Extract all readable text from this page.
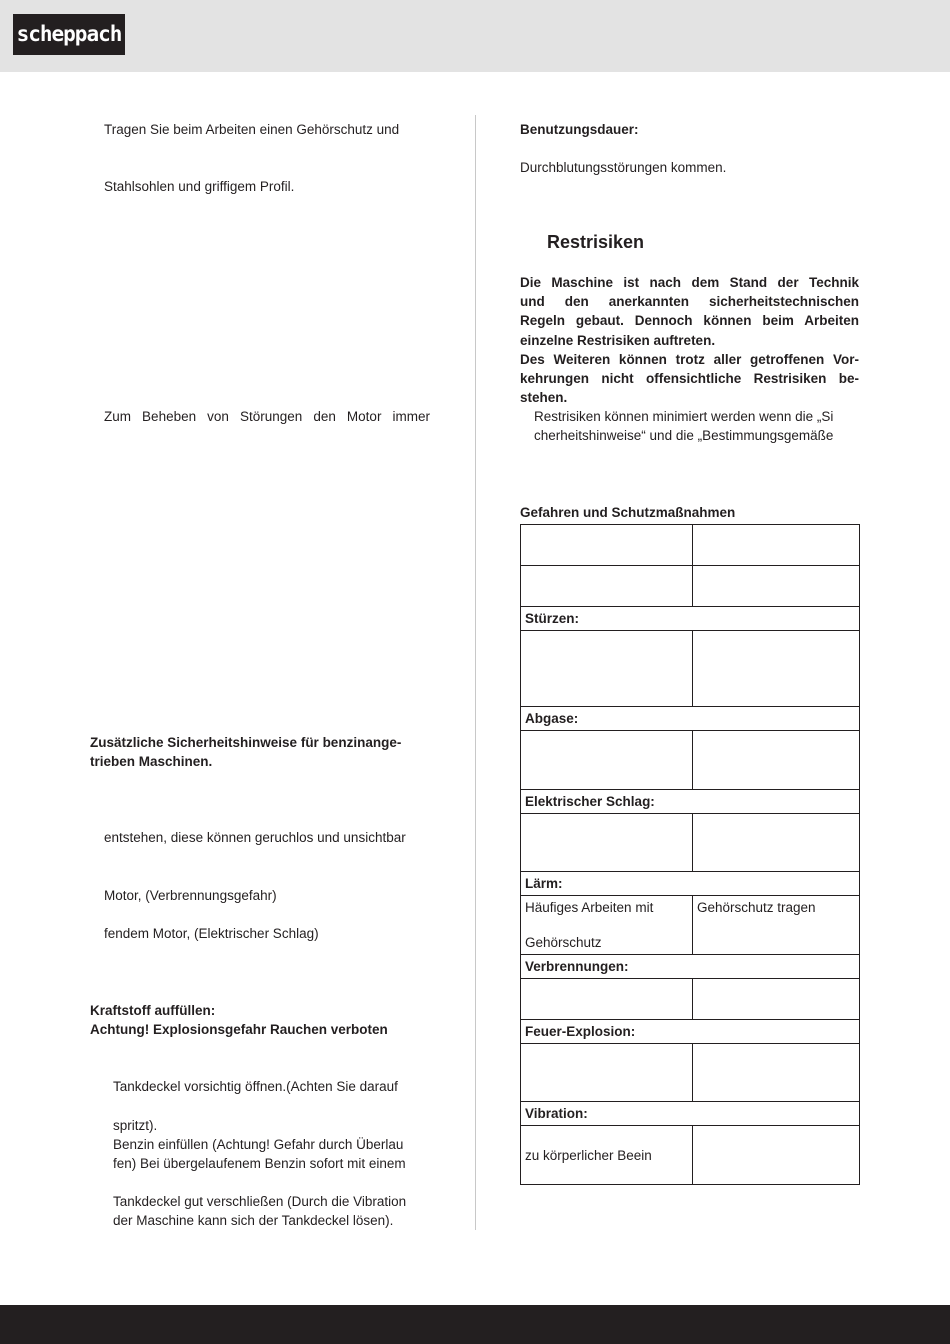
scheppach

Tragen Sie beim Arbeiten einen Gehörschutz und

Stahlsohlen und griffigem Profil.

Zum Beheben von Störungen den Motor immer

Zusätzliche Sicherheitshinweise für benzinange-

trieben Maschinen.

entstehen, diese können geruchlos und unsichtbar

Motor, (Verbrennungsgefahr)

fendem Motor, (Elektrischer Schlag)

Kraftstoff auffüllen:

Achtung! Explosionsgefahr Rauchen verboten

Tankdeckel vorsichtig öffnen.(Achten Sie darauf

spritzt).

Benzin einfüllen (Achtung! Gefahr durch Überlau

fen) Bei übergelaufenem Benzin sofort mit einem

Tankdeckel gut verschließen (Durch die Vibration

der Maschine kann sich der Tankdeckel lösen).

Benutzungsdauer:

Durchblutungsstörungen kommen.

Restrisiken
Die Maschine ist nach dem Stand der Technik
und den anerkannten sicherheitstechnischen
Regeln gebaut. Dennoch können beim Arbeiten
einzelne Restrisiken auftreten.
Des Weiteren können trotz aller getroffenen Vor-
kehrungen nicht offensichtliche Restrisiken be-
stehen.

Restrisiken können minimiert werden wenn die „Si

cherheitshinweise“ und die „Bestimmungsgemäße

Gefahren und Schutzmaßnahmen

Stürzen:	

Abgase:	

Elektrischer Schlag:	

Lärm:	

Häufiges Arbeiten mit
Gehörschutz	Gehörschutz tragen
Verbrennungen:	

Feuer-Explosion:	

Vibration:	
zu körperlicher Beein	
